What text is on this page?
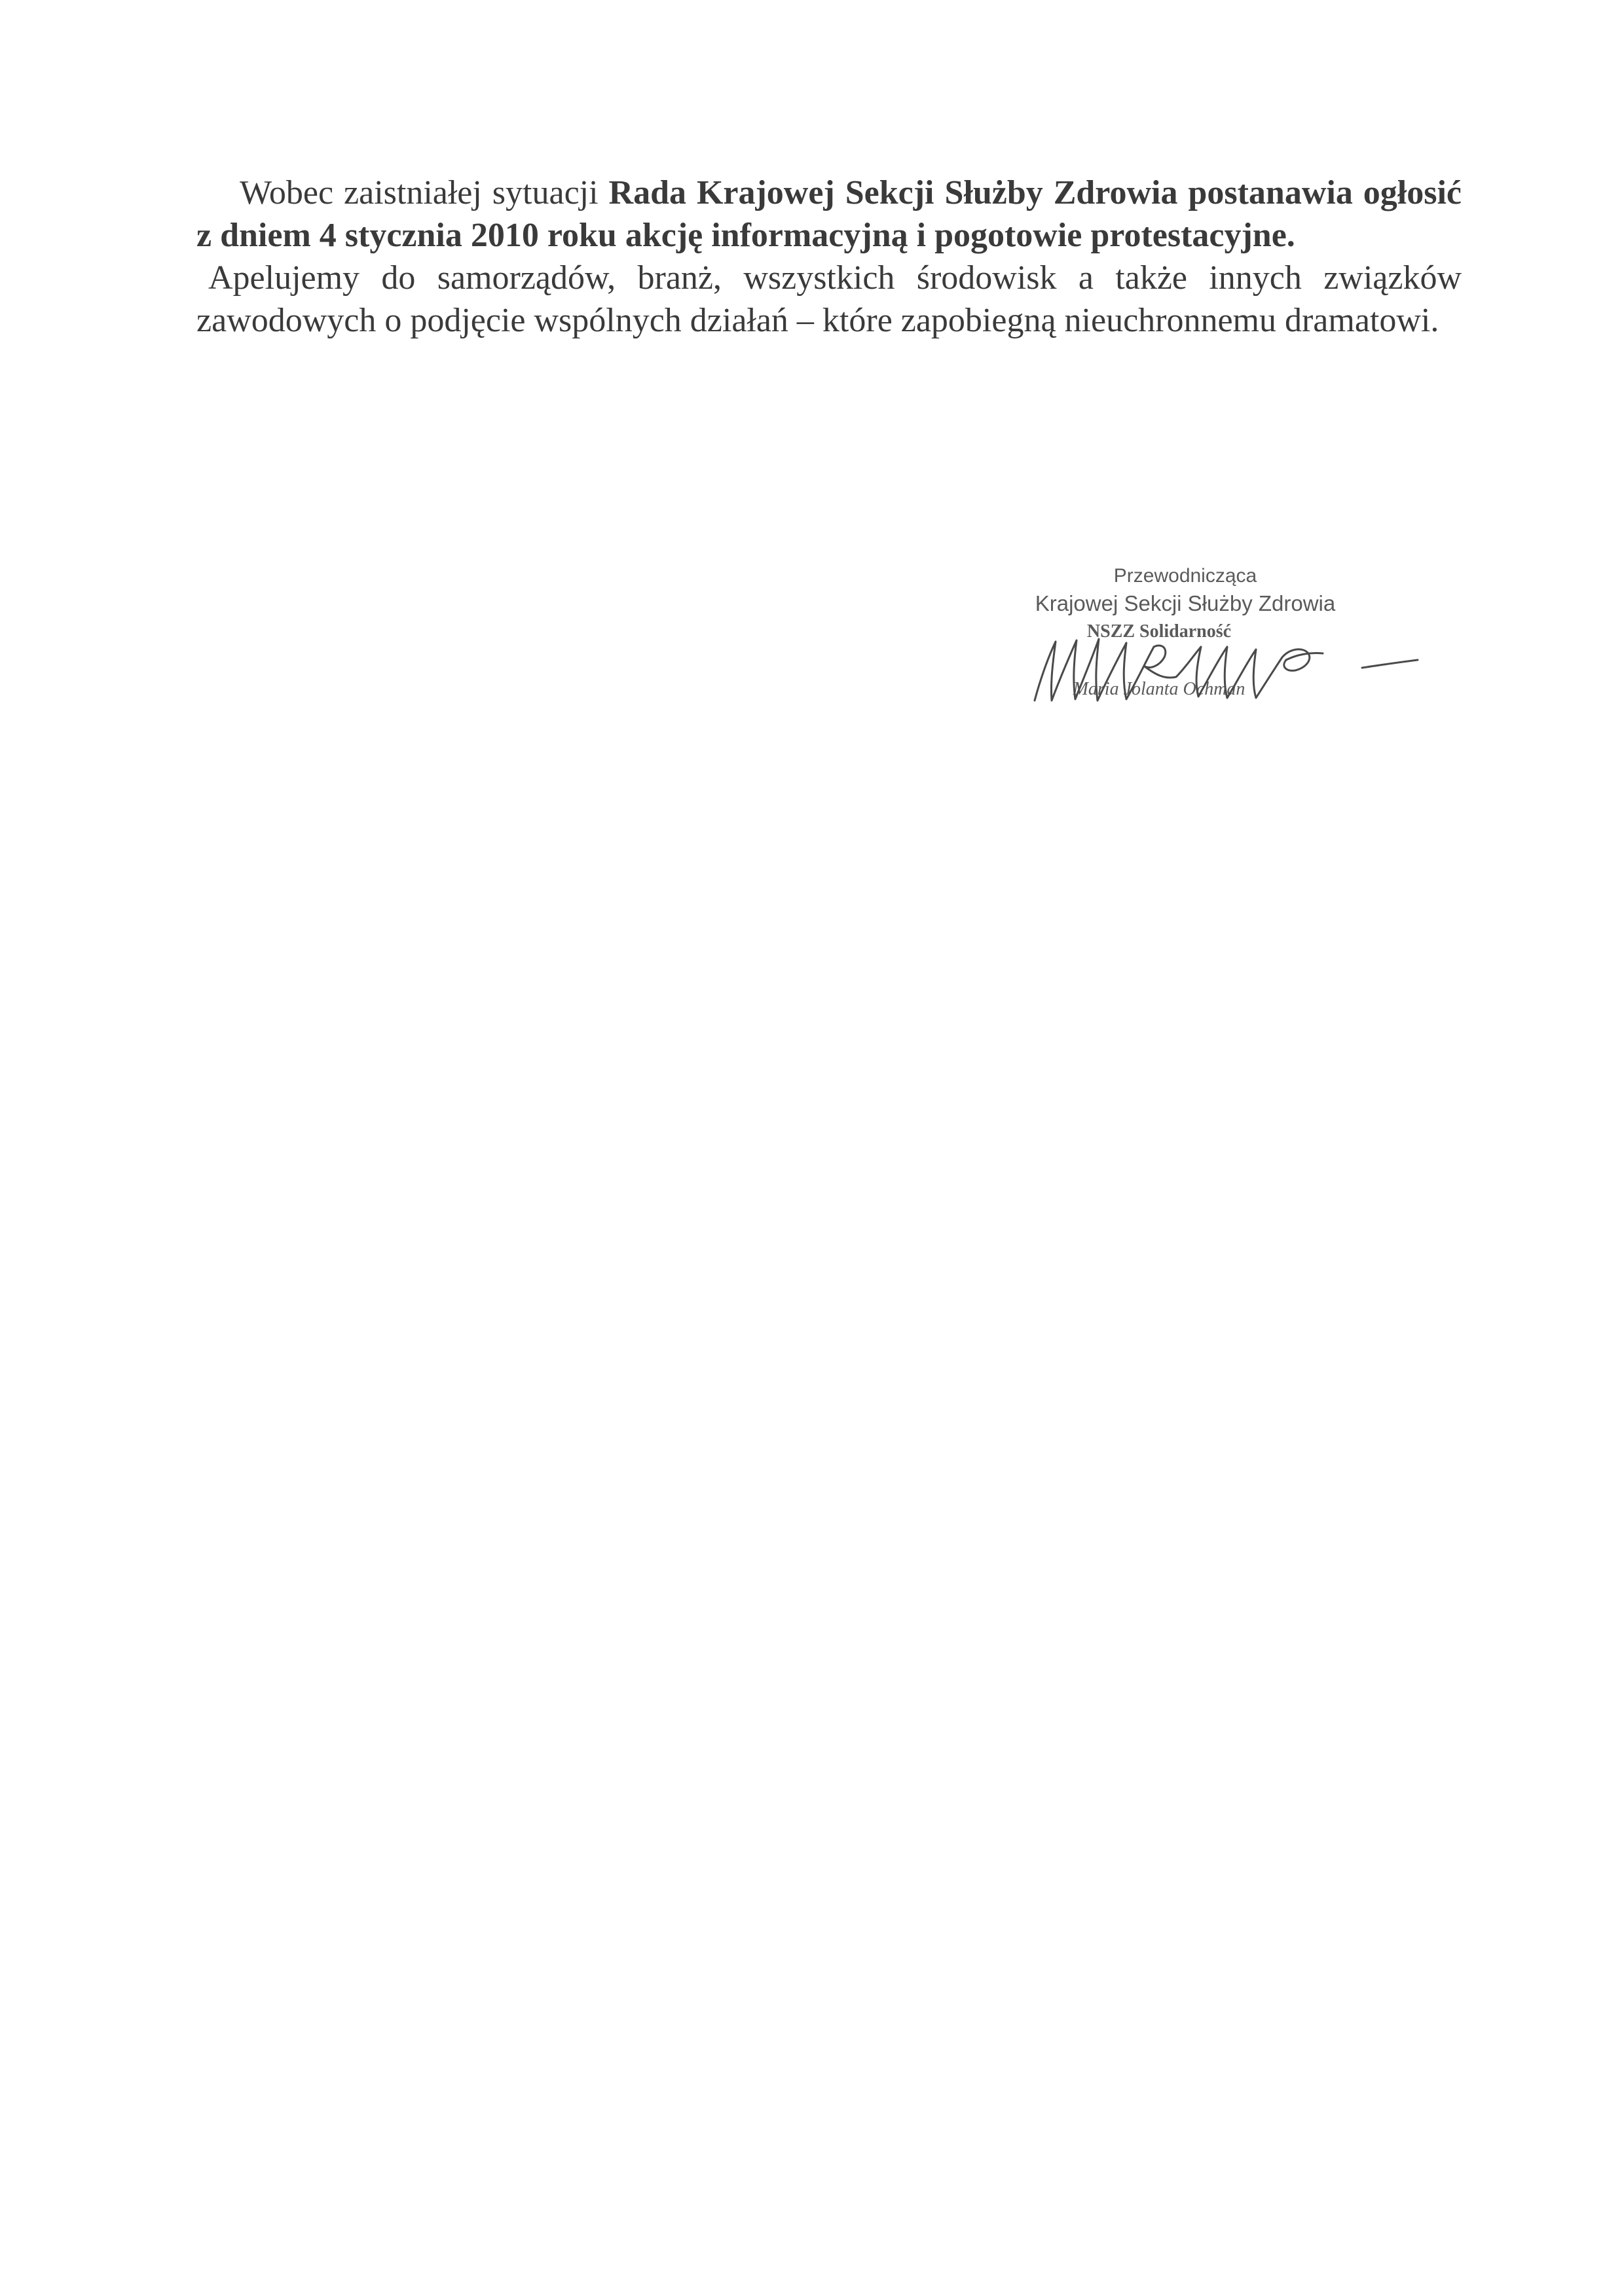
Wobec zaistniałej sytuacji Rada Krajowej Sekcji Służby Zdrowia postanawia ogłosić z dniem 4 stycznia 2010 roku akcję informacyjną i pogotowie protestacyjne.

Apelujemy do samorządów, branż, wszystkich środowisk a także innych związków zawodowych o podjęcie wspólnych działań – które zapobiegną nieuchronnemu dramatowi.

Przewodnicząca
Krajowej Sekcji Służby Zdrowia
NSZZ Solidarność
Maria Jolanta Ochman
